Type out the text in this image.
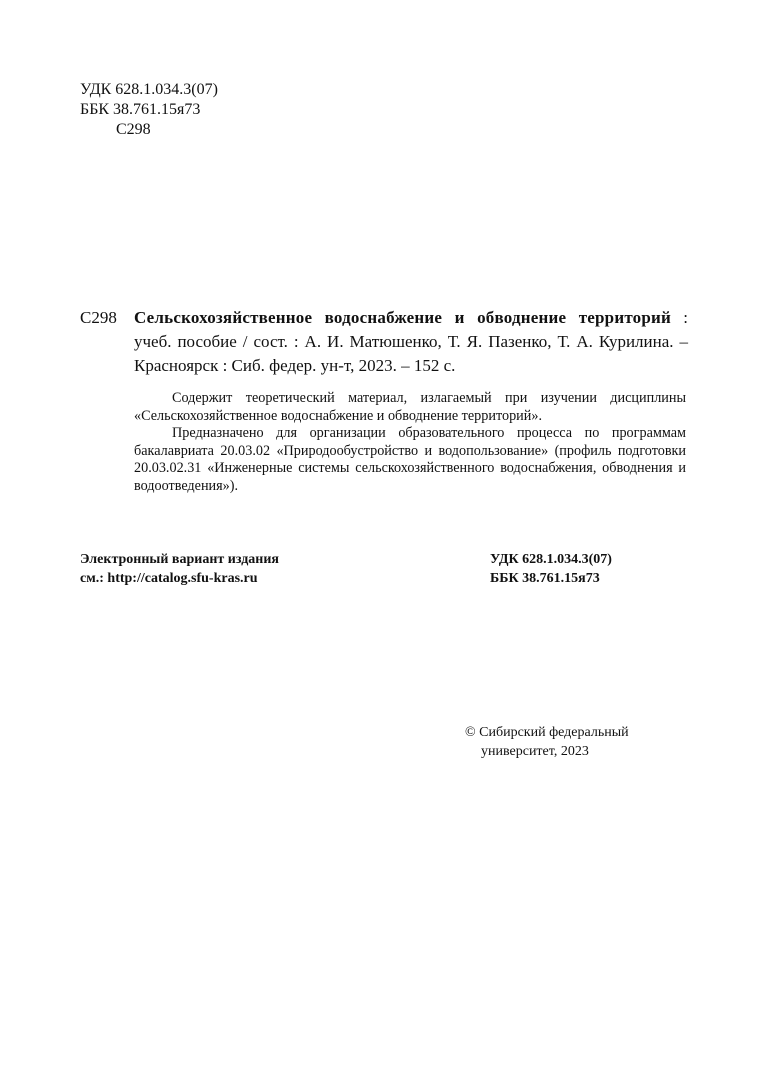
УДК 628.1.034.3(07)
ББК 38.761.15я73
С298
С298 Сельскохозяйственное водоснабжение и обводнение территорий : учеб. пособие / сост. : А. И. Матюшенко, Т. Я. Пазенко, Т. А. Курилина. – Красноярск : Сиб. федер. ун-т, 2023. – 152 с.

Содержит теоретический материал, излагаемый при изучении дисциплины «Сельскохозяйственное водоснабжение и обводнение территорий».

Предназначено для организации образовательного процесса по программам бакалавриата 20.03.02 «Природообустройство и водопользование» (профиль подготовки 20.03.02.31 «Инженерные системы сельскохозяйственного водоснабжения, обводнения и водоотведения»).

Электронный вариант издания
см.: http://catalog.sfu-kras.ru
УДК 628.1.034.3(07)
ББК 38.761.15я73
© Сибирский федеральный
университет, 2023
